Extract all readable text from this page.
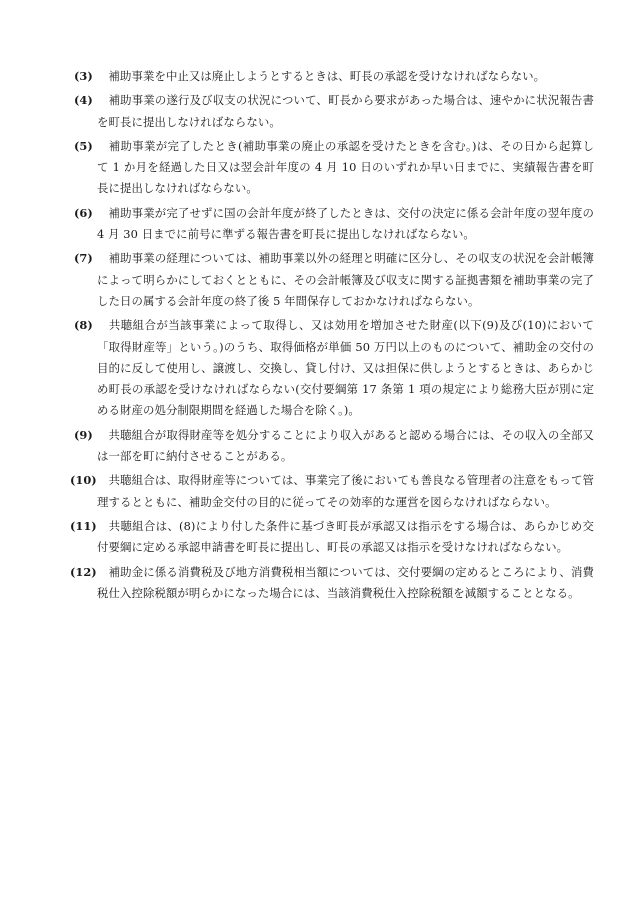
(3) 　補助事業を中止又は廃止しようとするときは、町長の承認を受けなければならない。
(4) 　補助事業の遂行及び収支の状況について、町長から要求があった場合は、速やかに状況報告書を町長に提出しなければならない。
(5) 　補助事業が完了したとき(補助事業の廃止の承認を受けたときを含む。)は、その日から起算して 1 か月を経過した日又は翌会計年度の 4 月 10 日のいずれか早い日までに、実績報告書を町長に提出しなければならない。
(6) 　補助事業が完了せずに国の会計年度が終了したときは、交付の決定に係る会計年度の翌年度の 4 月 30 日までに前号に準ずる報告書を町長に提出しなければならない。
(7) 　補助事業の経理については、補助事業以外の経理と明確に区分し、その収支の状況を会計帳簿によって明らかにしておくとともに、その会計帳簿及び収支に関する証拠書類を補助事業の完了した日の属する会計年度の終了後 5 年間保存しておかなければならない。
(8) 　共聴組合が当該事業によって取得し、又は効用を増加させた財産(以下(9)及び(10)において「取得財産等」という。)のうち、取得価格が単価 50 万円以上のものについて、補助金の交付の目的に反して使用し、譲渡し、交換し、貸し付け、又は担保に供しようとするときは、あらかじめ町長の承認を受けなければならない(交付要綱第 17 条第 1 項の規定により総務大臣が別に定める財産の処分制限期間を経過した場合を除く。)。
(9) 　共聴組合が取得財産等を処分することにより収入があると認める場合には、その収入の全部又は一部を町に納付させることがある。
(10) 　共聴組合は、取得財産等については、事業完了後においても善良なる管理者の注意をもって管理するとともに、補助金交付の目的に従ってその効率的な運営を図らなければならない。
(11) 　共聴組合は、(8)により付した条件に基づき町長が承認又は指示をする場合は、あらかじめ交付要綱に定める承認申請書を町長に提出し、町長の承認又は指示を受けなければならない。
(12) 　補助金に係る消費税及び地方消費税相当額については、交付要綱の定めるところにより、消費税仕入控除税額が明らかになった場合には、当該消費税仕入控除税額を減額することとなる。
